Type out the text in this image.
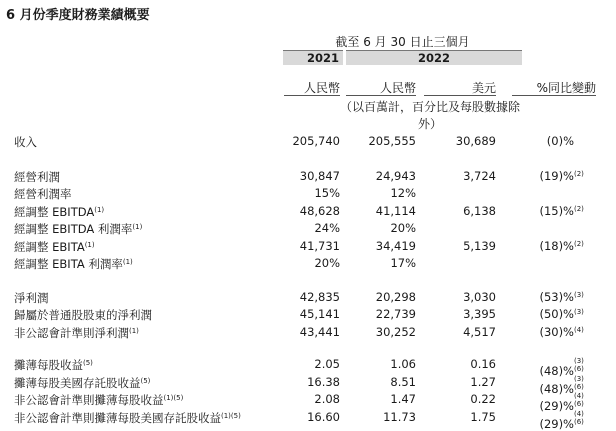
6 月份季度財務業績概要
截至 6 月 30 日止三個月
2021	2022
人民幣	人民幣	美元	%同比變動
（以百萬計，百分比及每股數據除外）
收入	205,740	205,555	30,689	(0)%
經營利潤	30,847	24,943	3,724	(19)%$^{(2)}$
經營利潤率	15%	12%
經調整 EBITDA$^{(1)}$	48,628	41,114	6,138	(15)%$^{(2)}$
經調整 EBITDA 利潤率$^{(1)}$	24%	20%
經調整 EBITA$^{(1)}$	41,731	34,419	5,139	(18)%$^{(2)}$
經調整 EBITA 利潤率$^{(1)}$	20%	17%
淨利潤	42,835	20,298	3,030	(53)%$^{(3)}$
歸屬於普通股股東的淨利潤	45,141	22,739	3,395	(50)%$^{(3)}$
非公認會計準則淨利潤$^{(1)}$	43,441	30,252	4,517	(30)%$^{(4)}$
攤薄每股收益$^{(5)}$	2.05	1.06	0.16	(48)%$^{(3) (6)}$
攤薄每股美國存託股收益$^{(5)}$	16.38	8.51	1.27	(48)%$^{(3) (6)}$
非公認會計準則攤薄每股收益$^{(1)(5)}$	2.08	1.47	0.22	(29)%$^{(4) (6)}$
非公認會計準則攤薄每股美國存託股收益$^{(1)(5)}$	16.60	11.73	1.75	(29)%$^{(4) (6)}$
